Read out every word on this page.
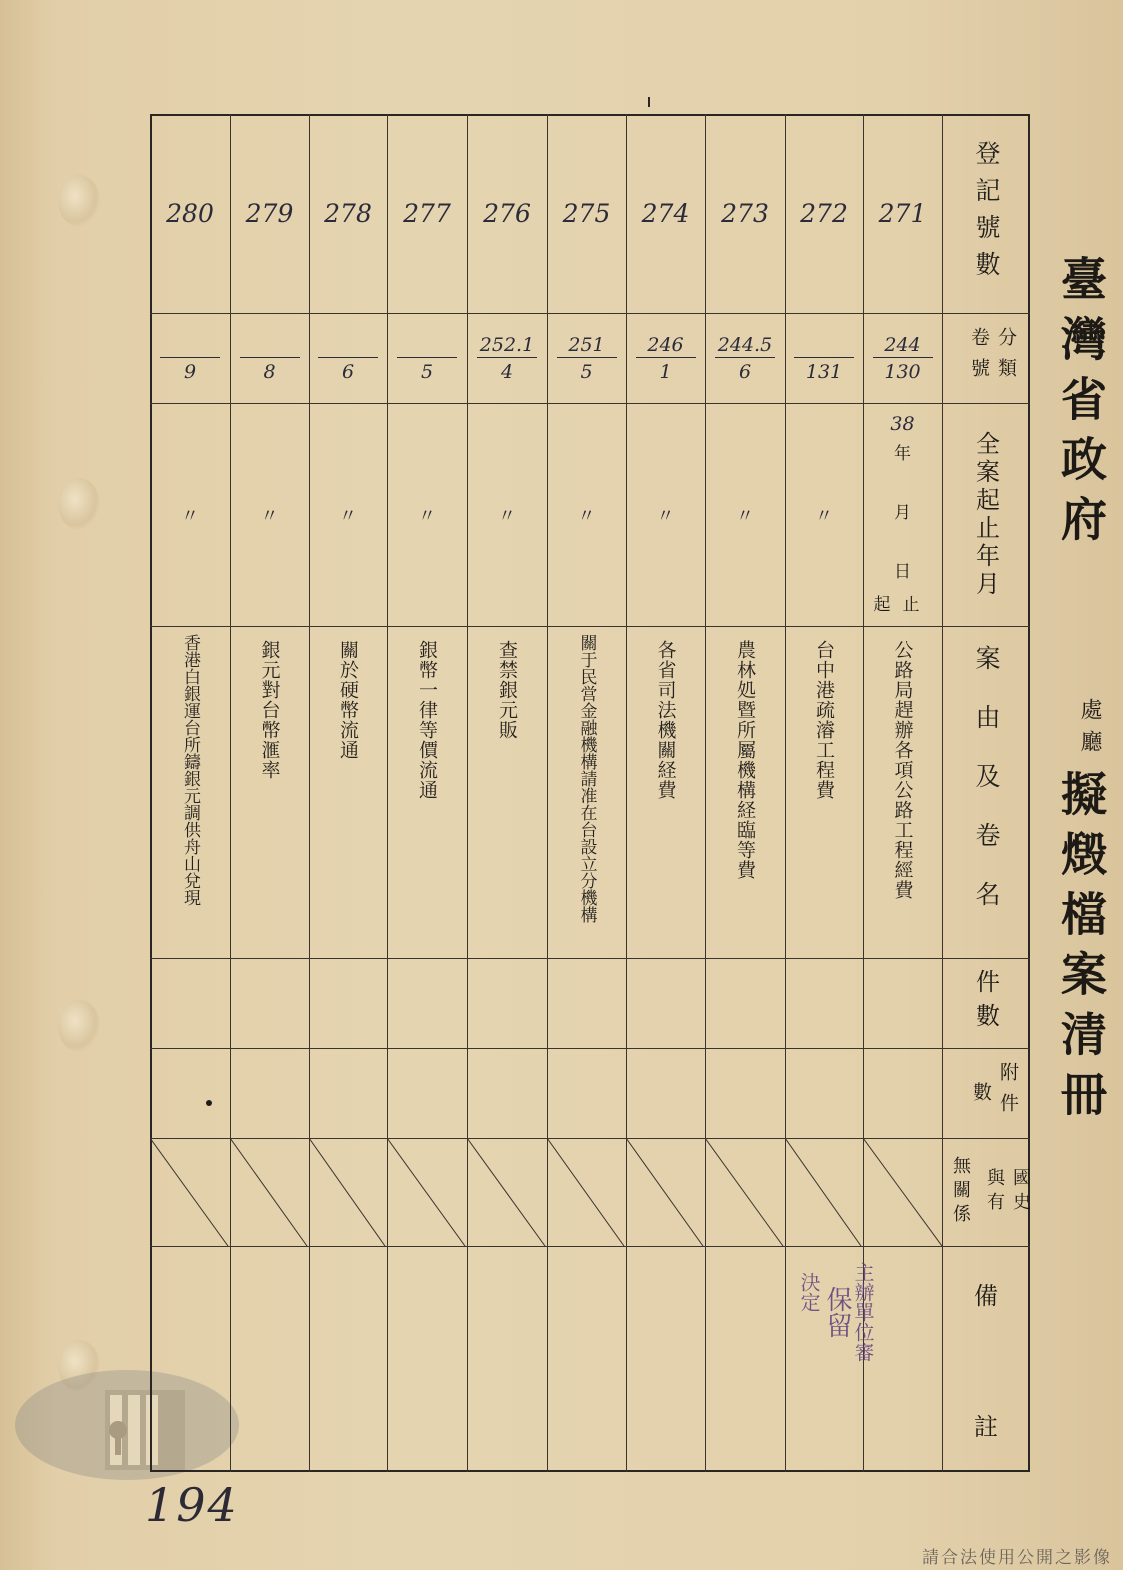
登記號數
卷號 分類
全案起止年月
案由及卷名
件數
數 附件
無關係 與有 國史
備
註
271
$\frac{244}{130}$
38
年
月
日
起止
公路局趕辦各項公路工程經費
272

131
〃
台中港疏濬工程費
273
$\frac{244.5}{6}$
〃
農林処暨所屬機構経臨等費
274
$\frac{246}{1}$
〃
各省司法機關経費
275
$\frac{251}{5}$
〃
關于民営金融機構請准在台設立分機構
276
$\frac{252.1}{4}$
〃
查禁銀元販
277

5
〃
銀幣一律等價流通
278

6
〃
關於硬幣流通
279

8
〃
銀元對台幣滙率
280

9
〃
香港白銀運台所鑄銀元調供舟山兌現
主辦單位審
保留
決定
臺灣省政府
處廳
擬燬檔案清冊
194
請合法使用公開之影像
